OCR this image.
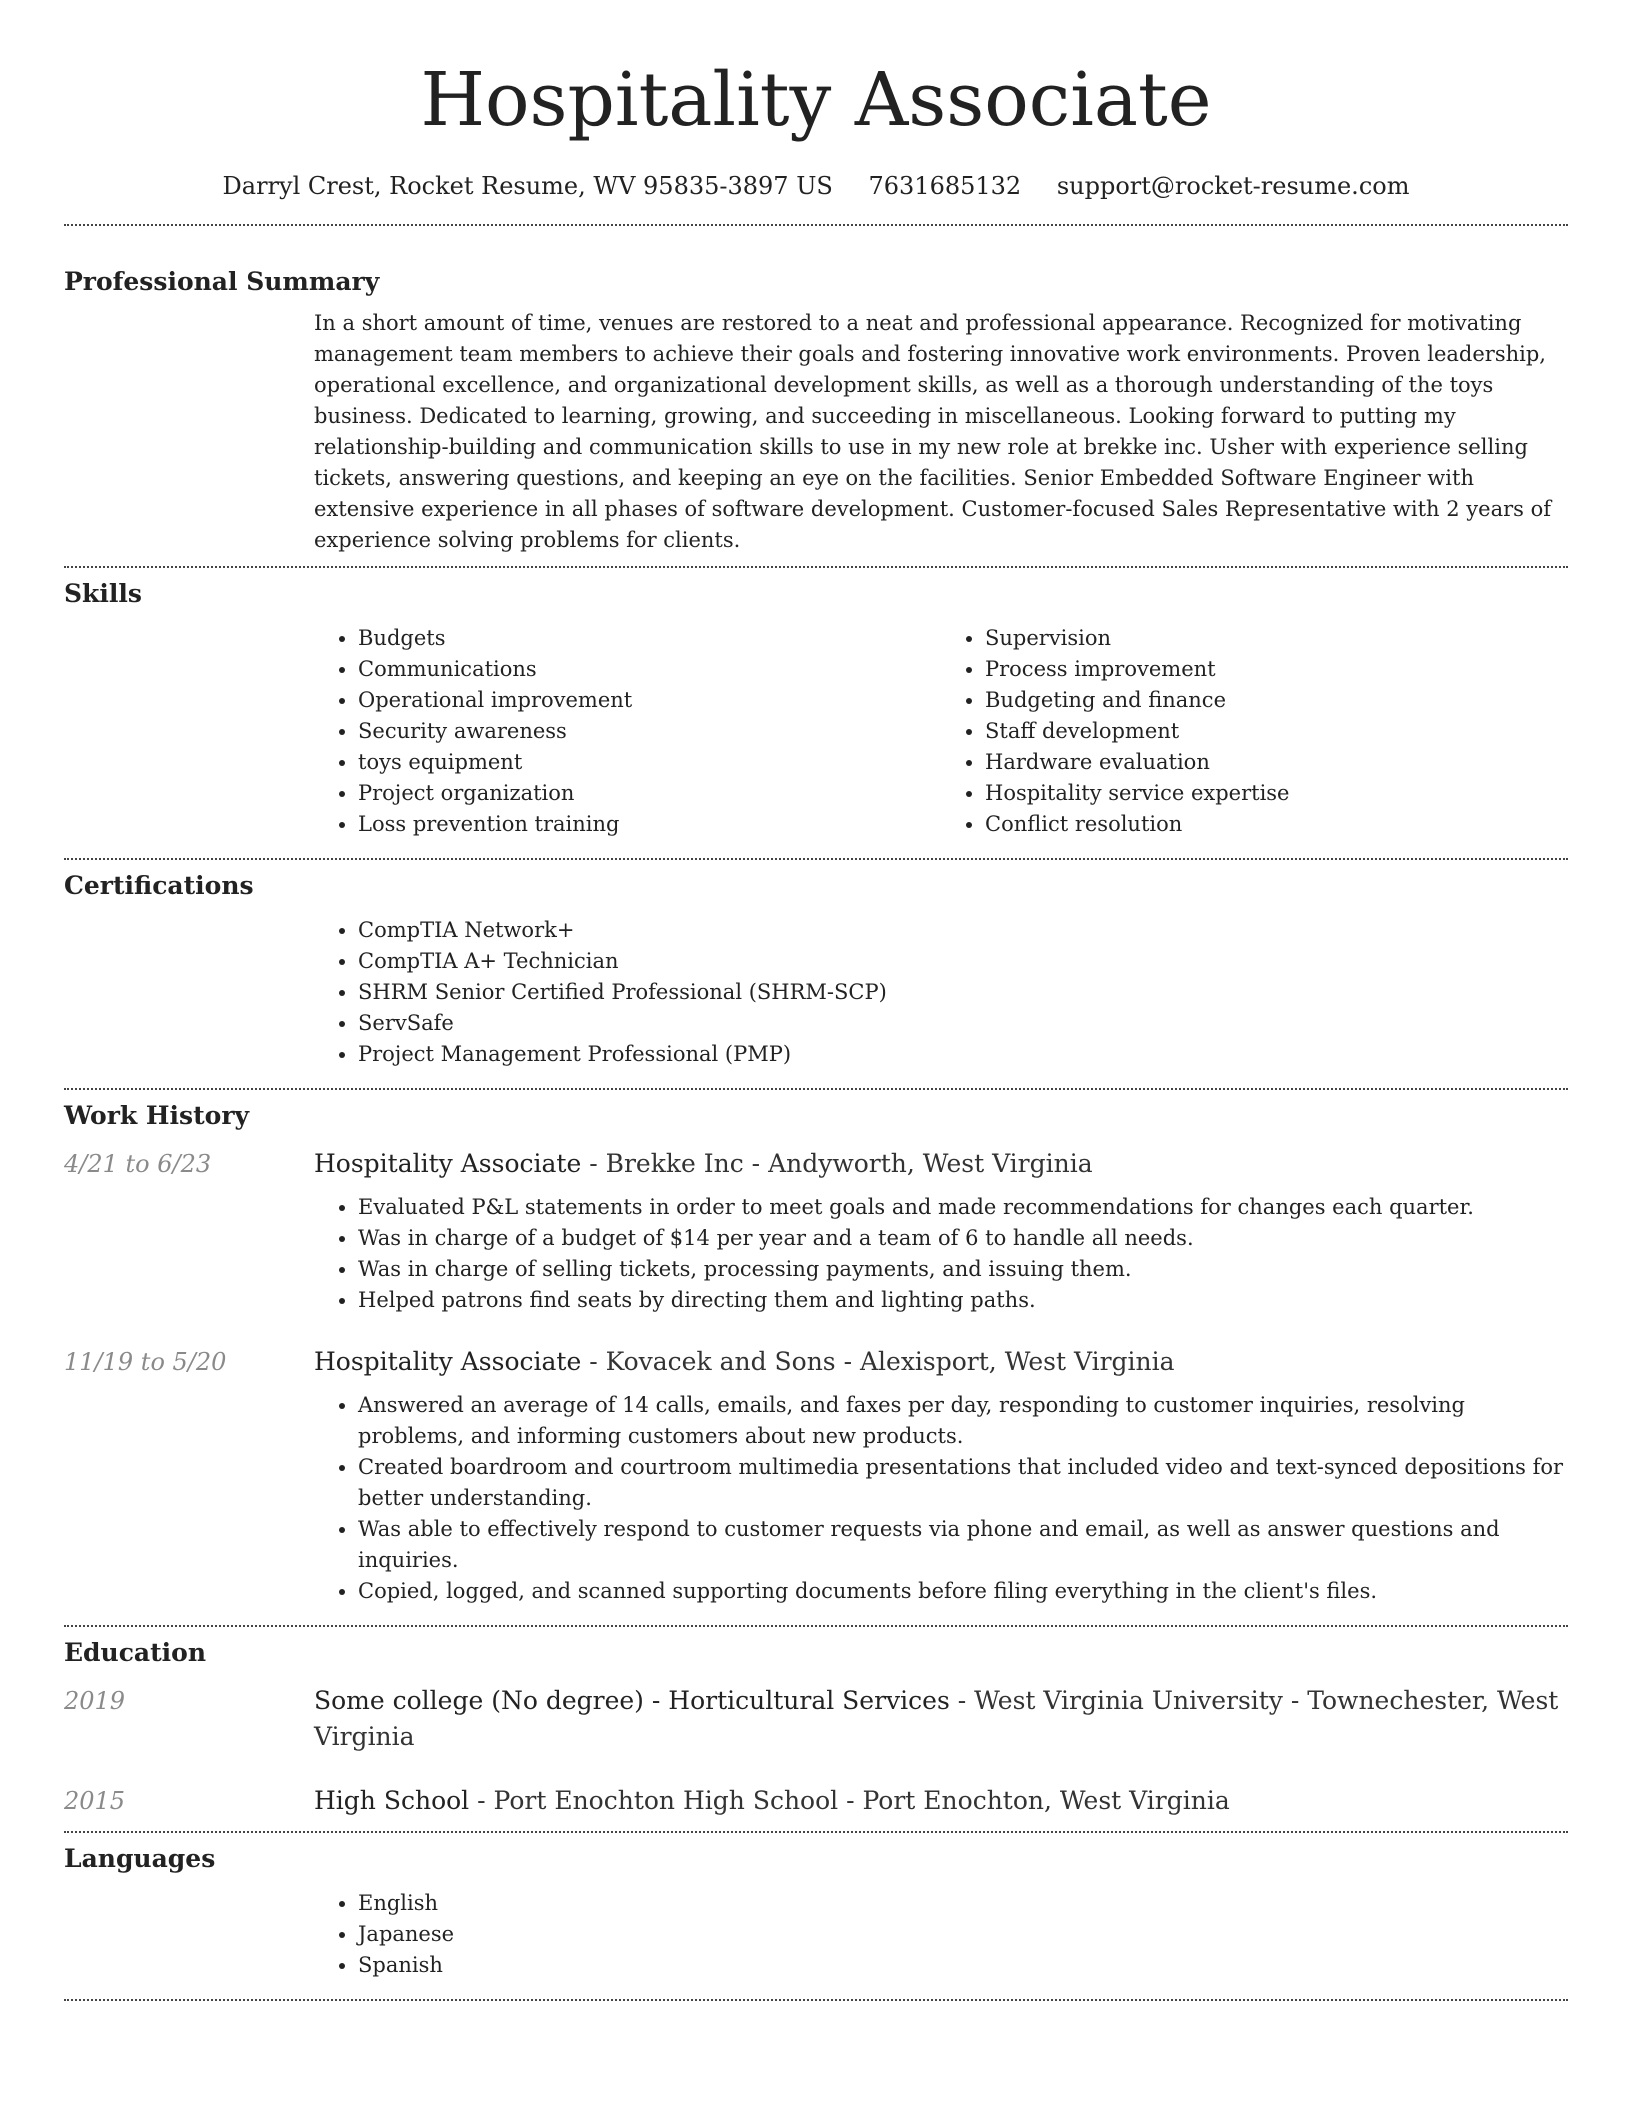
Hospitality Associate
Darryl Crest, Rocket Resume, WV 95835-3897 US 7631685132 support@rocket-resume.com
Professional Summary

In a short amount of time, venues are restored to a neat and professional appearance. Recognized for motivating management team members to achieve their goals and fostering innovative work environments. Proven leadership, operational excellence, and organizational development skills, as well as a thorough understanding of the toys business. Dedicated to learning, growing, and succeeding in miscellaneous. Looking forward to putting my relationship-building and communication skills to use in my new role at brekke inc. Usher with experience selling tickets, answering questions, and keeping an eye on the facilities. Senior Embedded Software Engineer with extensive experience in all phases of software development. Customer-focused Sales Representative with 2 years of experience solving problems for clients.

Skills
• Budgets
• Communications
• Operational improvement
• Security awareness
• toys equipment
• Project organization
• Loss prevention training
• Supervision
• Process improvement
• Budgeting and finance
• Staff development
• Hardware evaluation
• Hospitality service expertise
• Conflict resolution
Certifications
• CompTIA Network+
• CompTIA A+ Technician
• SHRM Senior Certified Professional (SHRM-SCP)
• ServSafe
• Project Management Professional (PMP)
Work History
4/21 to 6/23	Hospitality Associate - Brekke Inc - Andyworth, West Virginia
• Evaluated P&L statements in order to meet goals and made recommendations for changes each quarter.
• Was in charge of a budget of $14 per year and a team of 6 to handle all needs.
• Was in charge of selling tickets, processing payments, and issuing them.
• Helped patrons find seats by directing them and lighting paths.
11/19 to 5/20	Hospitality Associate - Kovacek and Sons - Alexisport, West Virginia
• Answered an average of 14 calls, emails, and faxes per day, responding to customer inquiries, resolving problems, and informing customers about new products.
• Created boardroom and courtroom multimedia presentations that included video and text-synced depositions for better understanding.
• Was able to effectively respond to customer requests via phone and email, as well as answer questions and inquiries.
• Copied, logged, and scanned supporting documents before filing everything in the client's files.
Education
2019	Some college (No degree) - Horticultural Services - West Virginia University - Townechester, West Virginia
2015	High School - Port Enochton High School - Port Enochton, West Virginia
Languages
• English
• Japanese
• Spanish
